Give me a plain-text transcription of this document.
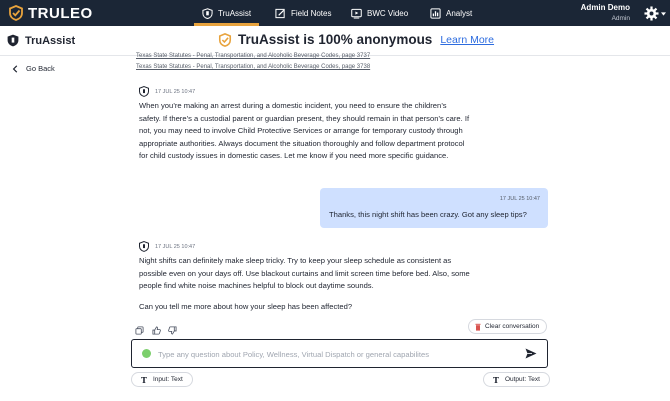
TRULEO	TruAssist	Field Notes	BWC Video	Analyst
Admin Demo
Admin
TruAssist	TruAssist is 100% anonymous Learn More
Go Back
Texas State Statutes - Penal, Transportation, and Alcoholic Beverage Codes, page 3737
Texas State Statutes - Penal, Transportation, and Alcoholic Beverage Codes, page 3738
17 JUL 25 10:47
When you’re making an arrest during a domestic incident, you need to ensure the children’s
safety. If there’s a custodial parent or guardian present, they should remain in that person’s care. If
not, you may need to involve Child Protective Services or arrange for temporary custody through
appropriate authorities. Always document the situation thoroughly and follow department protocol
for child custody issues in domestic cases. Let me know if you need more specific guidance.
17 JUL 25 10:47
Thanks, this night shift has been crazy. Got any sleep tips?
17 JUL 25 10:47
Night shifts can definitely make sleep tricky. Try to keep your sleep schedule as consistent as
possible even on your days off. Use blackout curtains and limit screen time before bed. Also, some
people find white noise machines helpful to block out daytime sounds.
Can you tell me more about how your sleep has been affected?
Clear conversation
Type any question about Policy, Wellness, Virtual Dispatch or general capabilites
T Input: Text	T Output: Text
